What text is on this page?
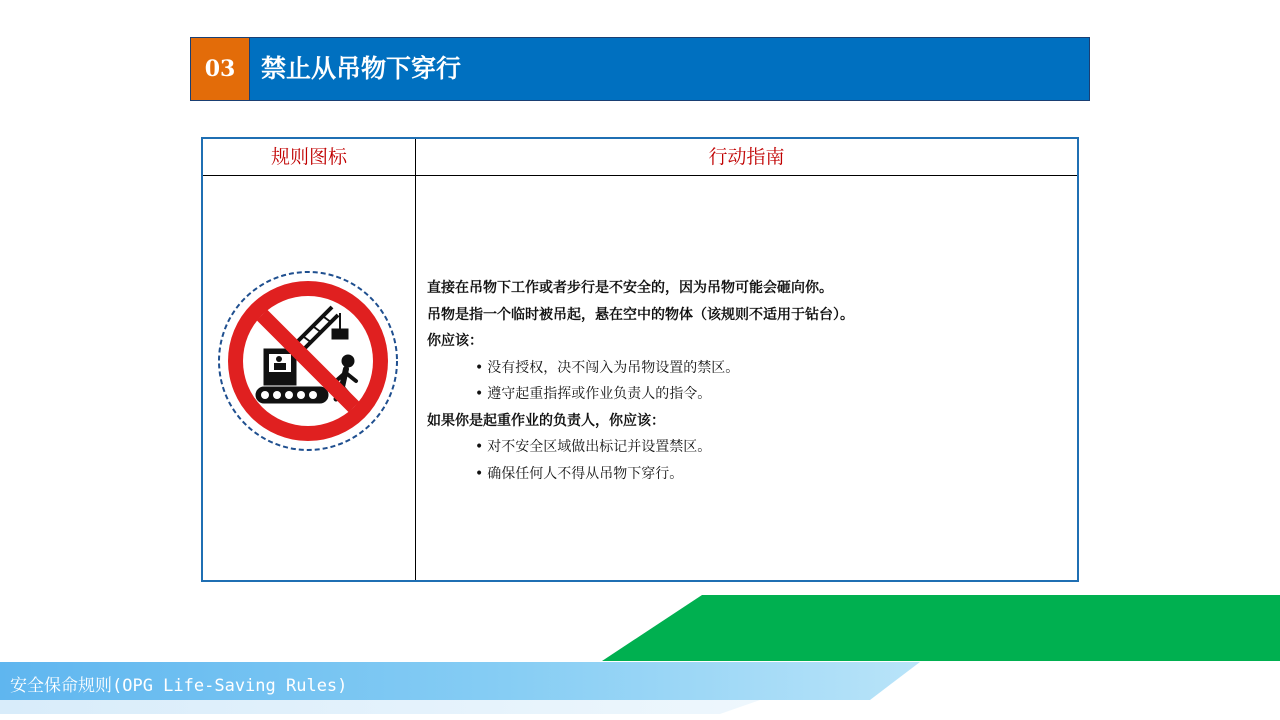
03	禁止从吊物下穿行
规则图标	行动指南
直接在吊物下工作或者步行是不安全的，因为吊物可能会砸向你。
吊物是指一个临时被吊起，悬在空中的物体（该规则不适用于钻台）。
你应该：
• 没有授权，决不闯入为吊物设置的禁区。
• 遵守起重指挥或作业负责人的指令。
如果你是起重作业的负责人，你应该：
• 对不安全区域做出标记并设置禁区。
• 确保任何人不得从吊物下穿行。
安全保命规则(OPG Life-Saving Rules)
